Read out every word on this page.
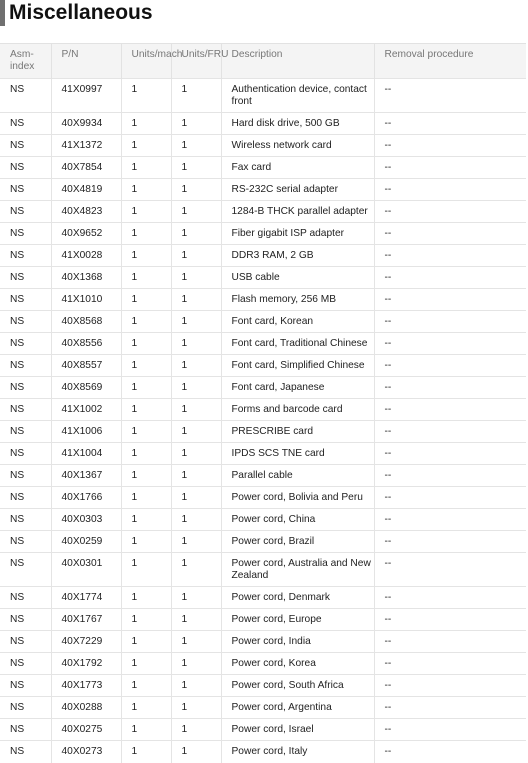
Miscellaneous
Asm-index	P/N	Units/mach	Units/FRU	Description	Removal procedure
NS	41X0997	1	1	Authentication device, contact front	--
NS	40X9934	1	1	Hard disk drive, 500 GB	--
NS	41X1372	1	1	Wireless network card	--
NS	40X7854	1	1	Fax card	--
NS	40X4819	1	1	RS-232C serial adapter	--
NS	40X4823	1	1	1284-B THCK parallel adapter	--
NS	40X9652	1	1	Fiber gigabit ISP adapter	--
NS	41X0028	1	1	DDR3 RAM, 2 GB	--
NS	40X1368	1	1	USB cable	--
NS	41X1010	1	1	Flash memory, 256 MB	--
NS	40X8568	1	1	Font card, Korean	--
NS	40X8556	1	1	Font card, Traditional Chinese	--
NS	40X8557	1	1	Font card, Simplified Chinese	--
NS	40X8569	1	1	Font card, Japanese	--
NS	41X1002	1	1	Forms and barcode card	--
NS	41X1006	1	1	PRESCRIBE card	--
NS	41X1004	1	1	IPDS SCS TNE card	--
NS	40X1367	1	1	Parallel cable	--
NS	40X1766	1	1	Power cord, Bolivia and Peru	--
NS	40X0303	1	1	Power cord, China	--
NS	40X0259	1	1	Power cord, Brazil	--
NS	40X0301	1	1	Power cord, Australia and New Zealand	--
NS	40X1774	1	1	Power cord, Denmark	--
NS	40X1767	1	1	Power cord, Europe	--
NS	40X7229	1	1	Power cord, India	--
NS	40X1792	1	1	Power cord, Korea	--
NS	40X1773	1	1	Power cord, South Africa	--
NS	40X0288	1	1	Power cord, Argentina	--
NS	40X0275	1	1	Power cord, Israel	--
NS	40X0273	1	1	Power cord, Italy	--
